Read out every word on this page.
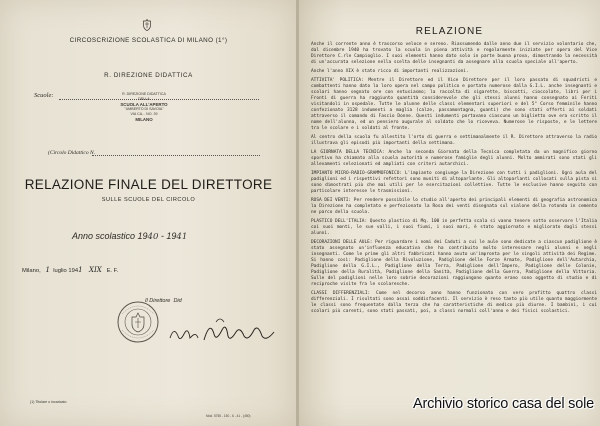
CIRCOSCRIZIONE SCOLASTICA DI MILANO (1°)
R. DIREZIONE DIDATTICA
Scuole:	R. DIREZIONE DIDATTICA
DELLA
SCUOLA ALL'APERTO
"UMBERTO DI SAVOIA"
VIA CA... NO. 39
MILANO
(Circolo Didattico N.
RELAZIONE FINALE DEL DIRETTORE
SULLE SCUOLE DEL CIRCOLO
Anno scolastico 1940 - 1941
Milano, 1 luglio 1941 XIX E. F.
Il Direttore Did
(1) Titolare o incaricato
Mod. 5755 - 150 - 6 - 41 - (450)
RELAZIONE

Anche il corrente anno è trascorso veloce e sereno. Riassumendo dalle anno due il servizio volontario che, dal dicembre 1940 ha trovato la scuola in piena attività e regolarmente iniziate per opera del Vice Direttore C.rle Campioglio. I suoi elementi hanno dato solo in parte buona prova, dimostrando la necessità di un'accurata selezione nella scelta delle insegnanti da assegnare alla scuola speciale all'aperto.

Anche l'anno XIX è stato ricco di importanti realizzazioni.

ATTIVITA' POLITICA: Mentre il Direttore ed il Vice Direttore per il loro passato di squadristi e combattenti hanno dato la loro opera nel campo politico e portato numerose dalla G.I.L. anche insegnanti e scolari hanno segnato ore con entusiasmo; la raccolta di sigarette, biscotti, cioccolate, libri per i Fronti di guerra ha raggiunto quantità considerevole che gli stessi alunni hanno consegnato ai Feriti visitandoli in ospedale. Tutte le alunne delle classi elementari superiori e del 5° Corso femminile hanno confezionato 3128 indumenti a maglia (calze, passamontagna, guanti) che sono stati offerti ai soldati attraverso il comando di Fascio Donne. Questi indumenti portavano ciascuno un biglietto ove era scritto il nome dell'alunna, ed un pensiero augurale al soldato che lo riceveva. Numerose le risposte, e le lettere tra le scolare e i soldati al fronte.

Al centro della scuola fu allestito l'orto di guerra e settimanalmente il R. Direttore attraverso la radio illustrava gli episodi più importanti della settimana.

LA GIORNATA DELLA TECNICA: Anche la seconda Giornata della Tecnica completata da un magnifico giorno sportivo ha chiamato alla scuola autorità e numerose famiglie degli alunni. Molto ammirati sono stati gli allevamenti selezionati ed ampliati con criteri autarchici.

IMPIANTO MICRO-RADIO-GRAMMOFONICO: L'impianto congiunge la Direzione con tutti i padiglioni. Ogni aula del padiglioni ed i rispettivi refettori sono muniti di altoparlante. Gli altoparlanti collocati sulla pista si sono dimostrati più che mai utili per le esercitazioni collettive. Tutte le esclusive hanno seguito con particolare interesse le trasmissioni.

ROSA DEI VENTI: Per rendere possibile lo studio all'aperto dei principali elementi di geografia astronomica la Direzione ha completato e perfezionato la Rosa dei venti disegnata sul vialone della rotonda in cemento ne parco della scuola.

PLASTICO DELL'ITALIA: Questo plastico di Mq. 100 in perfetta scala si vanno tenere sotto osservare l'Italia coi suoi monti, le sue valli, i suoi fiumi, i suoi mari, è stato aggiornato e migliorato dagli stessi alunni.

DECORAZIONI DELLE AULE: Per riguardare i nomi dei Caduti a cui le aule sono dedicate a ciascun padiglione è stato assegnato un'influenza educativa che ha contribuito molto interessare negli alunni e negli insegnanti. Come le prime gli altri fabbricati hanno avuto un'impronta per le singoli attività dei Regime. Si hanno così: Padiglione della Rivoluzione, Padiglione delle Forze Armate, Padiglione dell'Autarchia, Padiglione della G.I.L., Padiglione della Terra, Padiglione dell'Impero, Padiglione delle Colonie, Padiglione della Ruralità, Padiglione della Sanità, Padiglione della Guerra, Padiglione della Vittoria. Sulle del padiglioni nelle loro sobrie decorazioni raggiungono quanto erano sono oggetto di studio e di reciproche visite fra le scolaresche.

CLASSI DIFFERENZIALI: Come nel decorso anno hanno funzionato con vero profitto quattro classi differenziali. I risultati sono assai soddisfacenti. Il servizio è reso tanto più utile quanto maggiormente le classi sono frequentate dalla terza che ha caratteristiche di medico più diurne. I bambini, i cui scolari più carenti, sono stati passati, poi, a classi normali coll'anno e dei fisici scolastici.

Archivio storico casa del sole
